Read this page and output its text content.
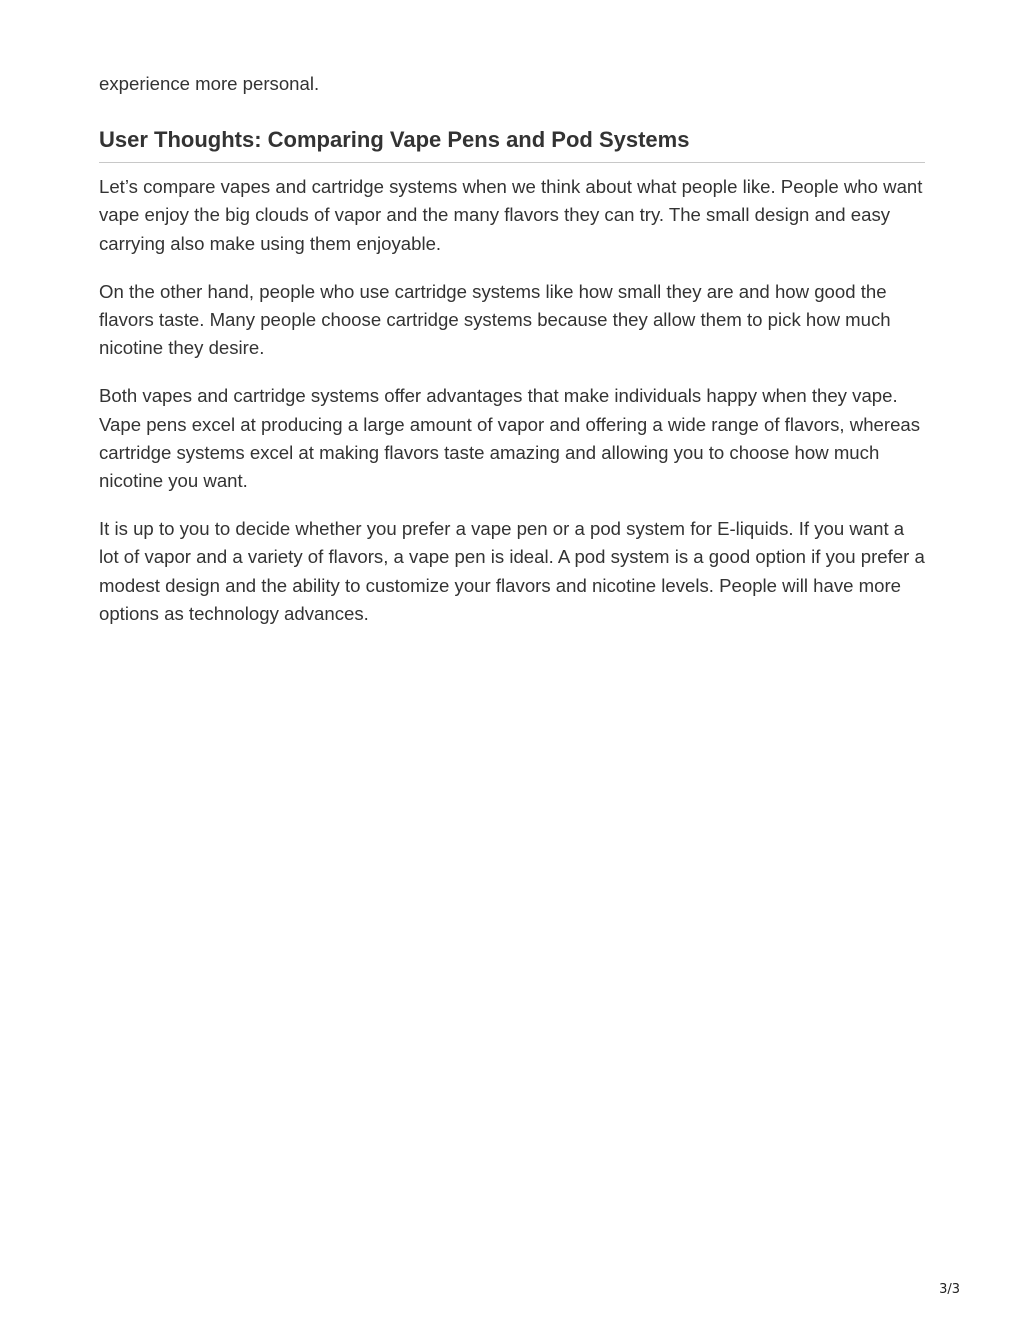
experience more personal.

User Thoughts: Comparing Vape Pens and Pod Systems

Let’s compare vapes and cartridge systems when we think about what people like. People who want vape enjoy the big clouds of vapor and the many flavors they can try. The small design and easy carrying also make using them enjoyable.

On the other hand, people who use cartridge systems like how small they are and how good the flavors taste. Many people choose cartridge systems because they allow them to pick how much nicotine they desire.

Both vapes and cartridge systems offer advantages that make individuals happy when they vape. Vape pens excel at producing a large amount of vapor and offering a wide range of flavors, whereas cartridge systems excel at making flavors taste amazing and allowing you to choose how much nicotine you want.

It is up to you to decide whether you prefer a vape pen or a pod system for E-liquids. If you want a lot of vapor and a variety of flavors, a vape pen is ideal. A pod system is a good option if you prefer a modest design and the ability to customize your flavors and nicotine levels. People will have more options as technology advances.

3/3
